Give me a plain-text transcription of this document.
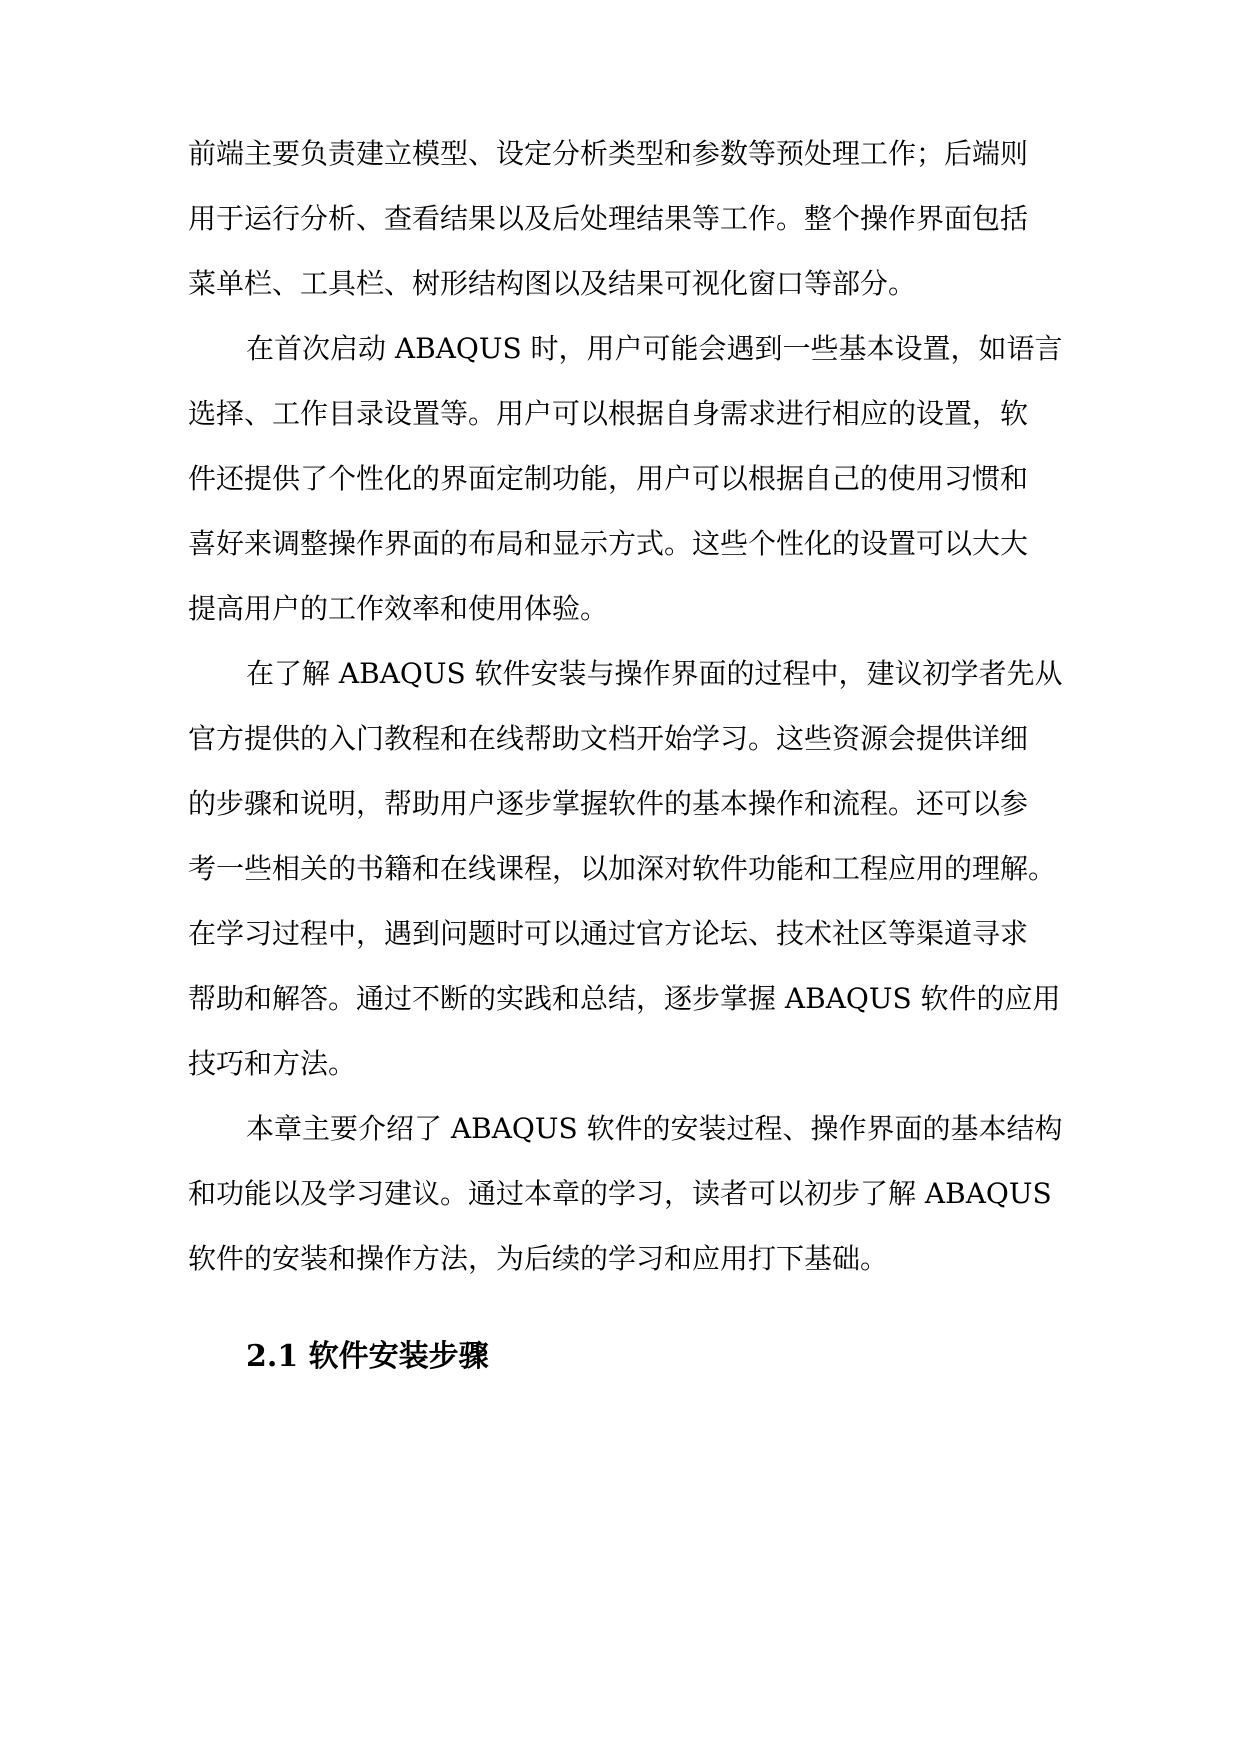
前端主要负责建立模型、设定分析类型和参数等预处理工作；后端则
用于运行分析、查看结果以及后处理结果等工作。整个操作界面包括
菜单栏、工具栏、树形结构图以及结果可视化窗口等部分。
在首次启动 ABAQUS 时，用户可能会遇到一些基本设置，如语言
选择、工作目录设置等。用户可以根据自身需求进行相应的设置，软
件还提供了个性化的界面定制功能，用户可以根据自己的使用习惯和
喜好来调整操作界面的布局和显示方式。这些个性化的设置可以大大
提高用户的工作效率和使用体验。
在了解 ABAQUS 软件安装与操作界面的过程中，建议初学者先从
官方提供的入门教程和在线帮助文档开始学习。这些资源会提供详细
的步骤和说明，帮助用户逐步掌握软件的基本操作和流程。还可以参
考一些相关的书籍和在线课程，以加深对软件功能和工程应用的理解。
在学习过程中，遇到问题时可以通过官方论坛、技术社区等渠道寻求
帮助和解答。通过不断的实践和总结，逐步掌握 ABAQUS 软件的应用
技巧和方法。
本章主要介绍了 ABAQUS 软件的安装过程、操作界面的基本结构
和功能以及学习建议。通过本章的学习，读者可以初步了解 ABAQUS
软件的安装和操作方法，为后续的学习和应用打下基础。
2.1 软件安装步骤
